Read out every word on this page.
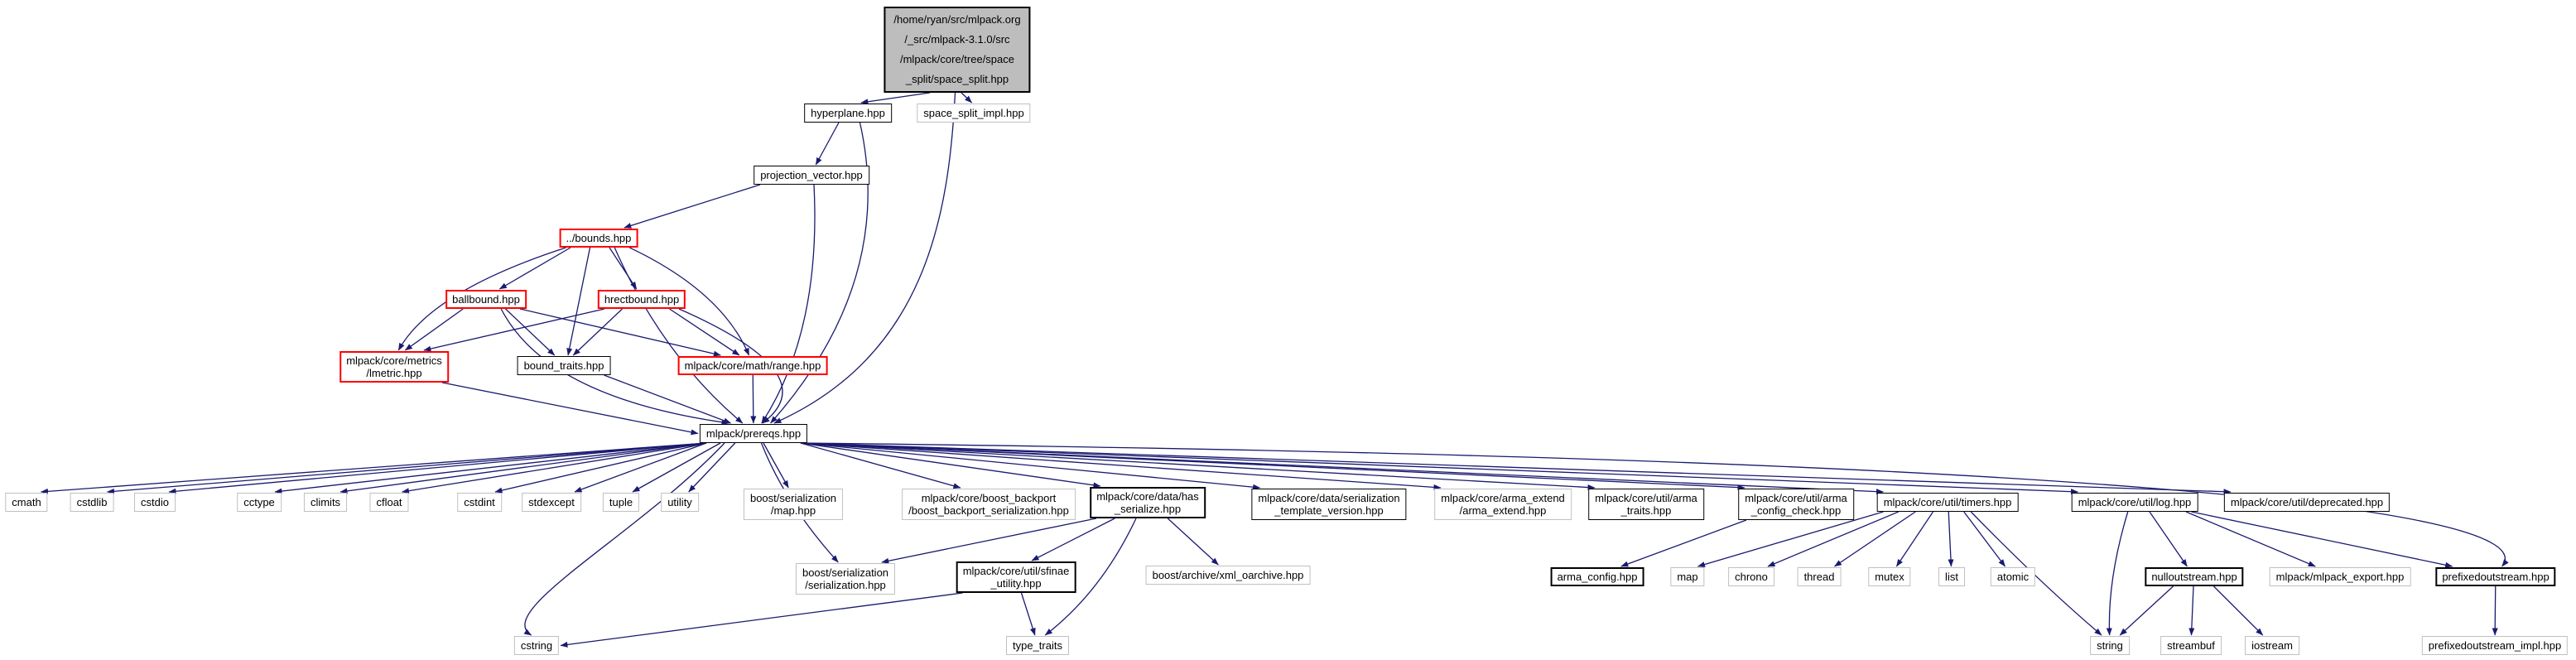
/home/ryan/src/mlpack.org
/_src/mlpack-3.1.0/src
/mlpack/core/tree/space
_split/space_split.hpp
hyperplane.hpp	space_split_impl.hpp
projection_vector.hpp
../bounds.hpp
ballbound.hpp	hrectbound.hpp
mlpack/core/metrics
/lmetric.hpp
bound_traits.hpp	mlpack/core/math/range.hpp
mlpack/prereqs.hpp
cmath	cstdlib	cstdio	cctype	climits	cfloat	cstdint	stdexcept	tuple	utility	boost/serialization
/map.hpp
mlpack/core/boost_backport
/boost_backport_serialization.hpp
mlpack/core/data/has
_serialize.hpp
mlpack/core/data/serialization
_template_version.hpp
mlpack/core/arma_extend
/arma_extend.hpp
mlpack/core/util/arma
_traits.hpp
mlpack/core/util/arma
_config_check.hpp
mlpack/core/util/timers.hpp	mlpack/core/util/log.hpp	mlpack/core/util/deprecated.hpp
boost/serialization
/serialization.hpp
mlpack/core/util/sfinae
_utility.hpp
boost/archive/xml_oarchive.hpp	arma_config.hpp	map	chrono	thread	mutex	list	atomic	nulloutstream.hpp	mlpack/mlpack_export.hpp	prefixedoutstream.hpp
cstring	type_traits	string	streambuf	iostream	prefixedoutstream_impl.hpp
